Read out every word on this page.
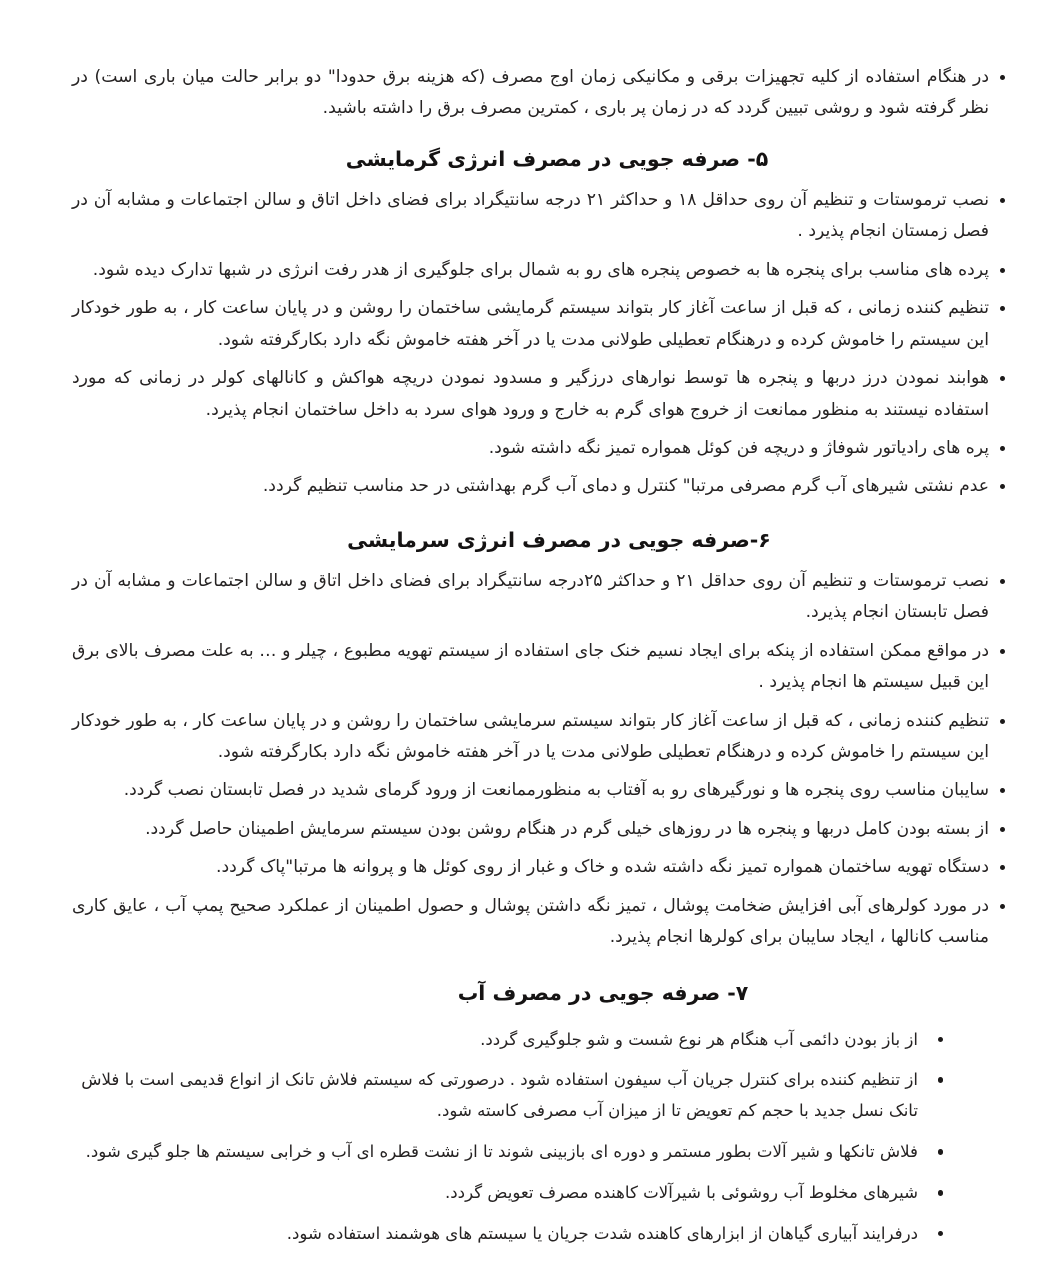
در هنگام استفاده از کلیه تجهیزات برقی و مکانیکی زمان اوج مصرف (که هزینه برق حدودا" دو برابر حالت میان باری است) در نظر گرفته شود و روشی تبیین گردد که در زمان پر باری ، کمترین مصرف برق را داشته باشید.
۵- صرفه جویی در مصرف انرژی گرمایشی
نصب ترموستات و تنظیم آن روی حداقل ۱۸ و حداکثر ۲۱ درجه سانتیگراد برای فضای داخل اتاق و سالن اجتماعات و مشابه آن در فصل زمستان انجام پذیرد .
پرده های مناسب برای پنجره ها به خصوص پنجره های رو به شمال برای جلوگیری از هدر رفت انرژی در شبها تدارک دیده شود.
تنظیم کننده زمانی ، که قبل از ساعت آغاز کار بتواند سیستم گرمایشی ساختمان را روشن و در پایان ساعت کار ، به طور خودکار این سیستم را خاموش کرده و درهنگام تعطیلی طولانی مدت یا در آخر هفته خاموش نگه دارد بکارگرفته شود.
هوابند نمودن درز دربها و پنجره ها توسط نوارهای درزگیر و مسدود نمودن دریچه هواکش و کانالهای کولر در زمانی که مورد استفاده نیستند به منظور ممانعت از خروج هوای گرم به خارج و ورود هوای سرد به داخل ساختمان انجام پذیرد.
پره های رادیاتور شوفاژ و دریچه فن کوئل همواره تمیز نگه داشته شود.
عدم نشتی شیرهای آب گرم مصرفی مرتبا" کنترل و دمای آب گرم بهداشتی در حد مناسب تنظیم گردد.
۶-صرفه جویی در مصرف انرژی سرمایشی
نصب ترموستات و تنظیم آن روی حداقل ۲۱ و حداکثر ۲۵درجه سانتیگراد برای فضای داخل اتاق و سالن اجتماعات و مشابه آن در فصل تابستان انجام پذیرد.
در مواقع ممکن استفاده از پنکه برای ایجاد نسیم خنک جای استفاده از سیستم تهویه مطبوع ، چیلر و … به علت مصرف بالای برق این قبیل سیستم ها انجام پذیرد .
تنظیم کننده زمانی ، که قبل از ساعت آغاز کار بتواند سیستم سرمایشی ساختمان را روشن و در پایان ساعت کار ، به طور خودکار این سیستم را خاموش کرده و درهنگام تعطیلی طولانی مدت یا در آخر هفته خاموش نگه دارد بکارگرفته شود.
سایبان مناسب روی پنجره ها و نورگیرهای رو به آفتاب به منظورممانعت از ورود گرمای شدید در فصل تابستان نصب گردد.
از بسته بودن کامل دربها و پنجره ها در روزهای خیلی گرم در هنگام روشن بودن سیستم سرمایش اطمینان حاصل گردد.
دستگاه تهویه ساختمان همواره تمیز نگه داشته شده و خاک و غبار از روی کوئل ها و پروانه ها مرتبا"پاک گردد.
در مورد کولرهای آبی افزایش ضخامت پوشال ، تمیز نگه داشتن پوشال و حصول اطمینان از عملکرد صحیح پمپ آب ، عایق کاری مناسب کانالها ، ایجاد سایبان برای کولرها انجام پذیرد.
۷- صرفه جویی در مصرف آب
از باز بودن دائمی آب هنگام هر نوع شست و شو جلوگیری گردد.
از تنظیم کننده برای کنترل جریان آب سیفون استفاده شود . درصورتی که سیستم فلاش تانک از انواع قدیمی است با فلاش تانک نسل جدید با حجم کم تعویض تا از میزان آب مصرفی کاسته شود.
فلاش تانکها و شیر آلات بطور مستمر و دوره ای بازبینی شوند تا از نشت قطره ای آب و خرابی سیستم ها جلو گیری شود.
شیرهای مخلوط آب روشوئی با شیرآلات کاهنده مصرف تعویض گردد.
درفرایند آبیاری گیاهان از ابزارهای کاهنده شدت جریان یا سیستم های هوشمند استفاده شود.
